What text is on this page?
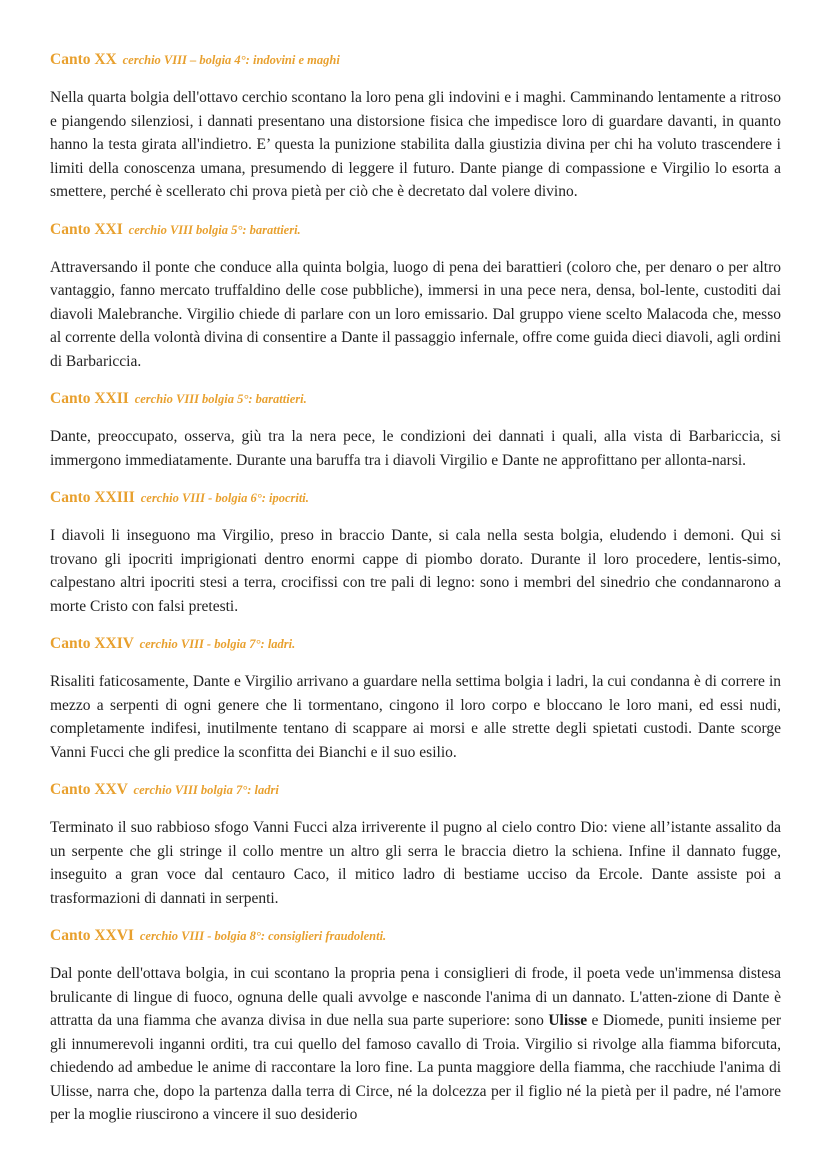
Canto XX cerchio VIII – bolgia 4°: indovini e maghi

Nella quarta bolgia dell'ottavo cerchio scontano la loro pena gli indovini e i maghi. Camminando lentamente a ritroso e piangendo silenziosi, i dannati presentano una distorsione fisica che impedisce loro di guardare davanti, in quanto hanno la testa girata all'indietro. E’ questa la punizione stabilita dalla giustizia divina per chi ha voluto trascendere i limiti della conoscenza umana, presumendo di leggere il futuro. Dante piange di compassione e Virgilio lo esorta a smettere, perché è scellerato chi prova pietà per ciò che è decretato dal volere divino.

Canto XXI cerchio VIII bolgia 5°: barattieri.

Attraversando il ponte che conduce alla quinta bolgia, luogo di pena dei barattieri (coloro che, per denaro o per altro vantaggio, fanno mercato truffaldino delle cose pubbliche), immersi in una pece nera, densa, bol-lente, custoditi dai diavoli Malebranche. Virgilio chiede di parlare con un loro emissario. Dal gruppo viene scelto Malacoda che, messo al corrente della volontà divina di consentire a Dante il passaggio infernale, offre come guida dieci diavoli, agli ordini di Barbariccia.

Canto XXII cerchio VIII bolgia 5°: barattieri.

Dante, preoccupato, osserva, giù tra la nera pece, le condizioni dei dannati i quali, alla vista di Barbariccia, si immergono immediatamente. Durante una baruffa tra i diavoli Virgilio e Dante ne approfittano per allonta-narsi.

Canto XXIII cerchio VIII - bolgia 6°: ipocriti.

I diavoli li inseguono ma Virgilio, preso in braccio Dante, si cala nella sesta bolgia, eludendo i demoni. Qui si trovano gli ipocriti imprigionati dentro enormi cappe di piombo dorato. Durante il loro procedere, lentis-simo, calpestano altri ipocriti stesi a terra, crocifissi con tre pali di legno: sono i membri del sinedrio che condannarono a morte Cristo con falsi pretesti.

Canto XXIV cerchio VIII - bolgia 7°: ladri.

Risaliti faticosamente, Dante e Virgilio arrivano a guardare nella settima bolgia i ladri, la cui condanna è di correre in mezzo a serpenti di ogni genere che li tormentano, cingono il loro corpo e bloccano le loro mani, ed essi nudi, completamente indifesi, inutilmente tentano di scappare ai morsi e alle strette degli spietati custodi. Dante scorge Vanni Fucci che gli predice la sconfitta dei Bianchi e il suo esilio.

Canto XXV cerchio VIII bolgia 7°: ladri

Terminato il suo rabbioso sfogo Vanni Fucci alza irriverente il pugno al cielo contro Dio: viene all’istante assalito da un serpente che gli stringe il collo mentre un altro gli serra le braccia dietro la schiena. Infine il dannato fugge, inseguito a gran voce dal centauro Caco, il mitico ladro di bestiame ucciso da Ercole. Dante assiste poi a trasformazioni di dannati in serpenti.

Canto XXVI cerchio VIII - bolgia 8°: consiglieri fraudolenti.

Dal ponte dell'ottava bolgia, in cui scontano la propria pena i consiglieri di frode, il poeta vede un'immensa distesa brulicante di lingue di fuoco, ognuna delle quali avvolge e nasconde l'anima di un dannato. L'atten-zione di Dante è attratta da una fiamma che avanza divisa in due nella sua parte superiore: sono Ulisse e Diomede, puniti insieme per gli innumerevoli inganni orditi, tra cui quello del famoso cavallo di Troia. Virgilio si rivolge alla fiamma biforcuta, chiedendo ad ambedue le anime di raccontare la loro fine. La punta maggiore della fiamma, che racchiude l'anima di Ulisse, narra che, dopo la partenza dalla terra di Circe, né la dolcezza per il figlio né la pietà per il padre, né l'amore per la moglie riuscirono a vincere il suo desiderio
